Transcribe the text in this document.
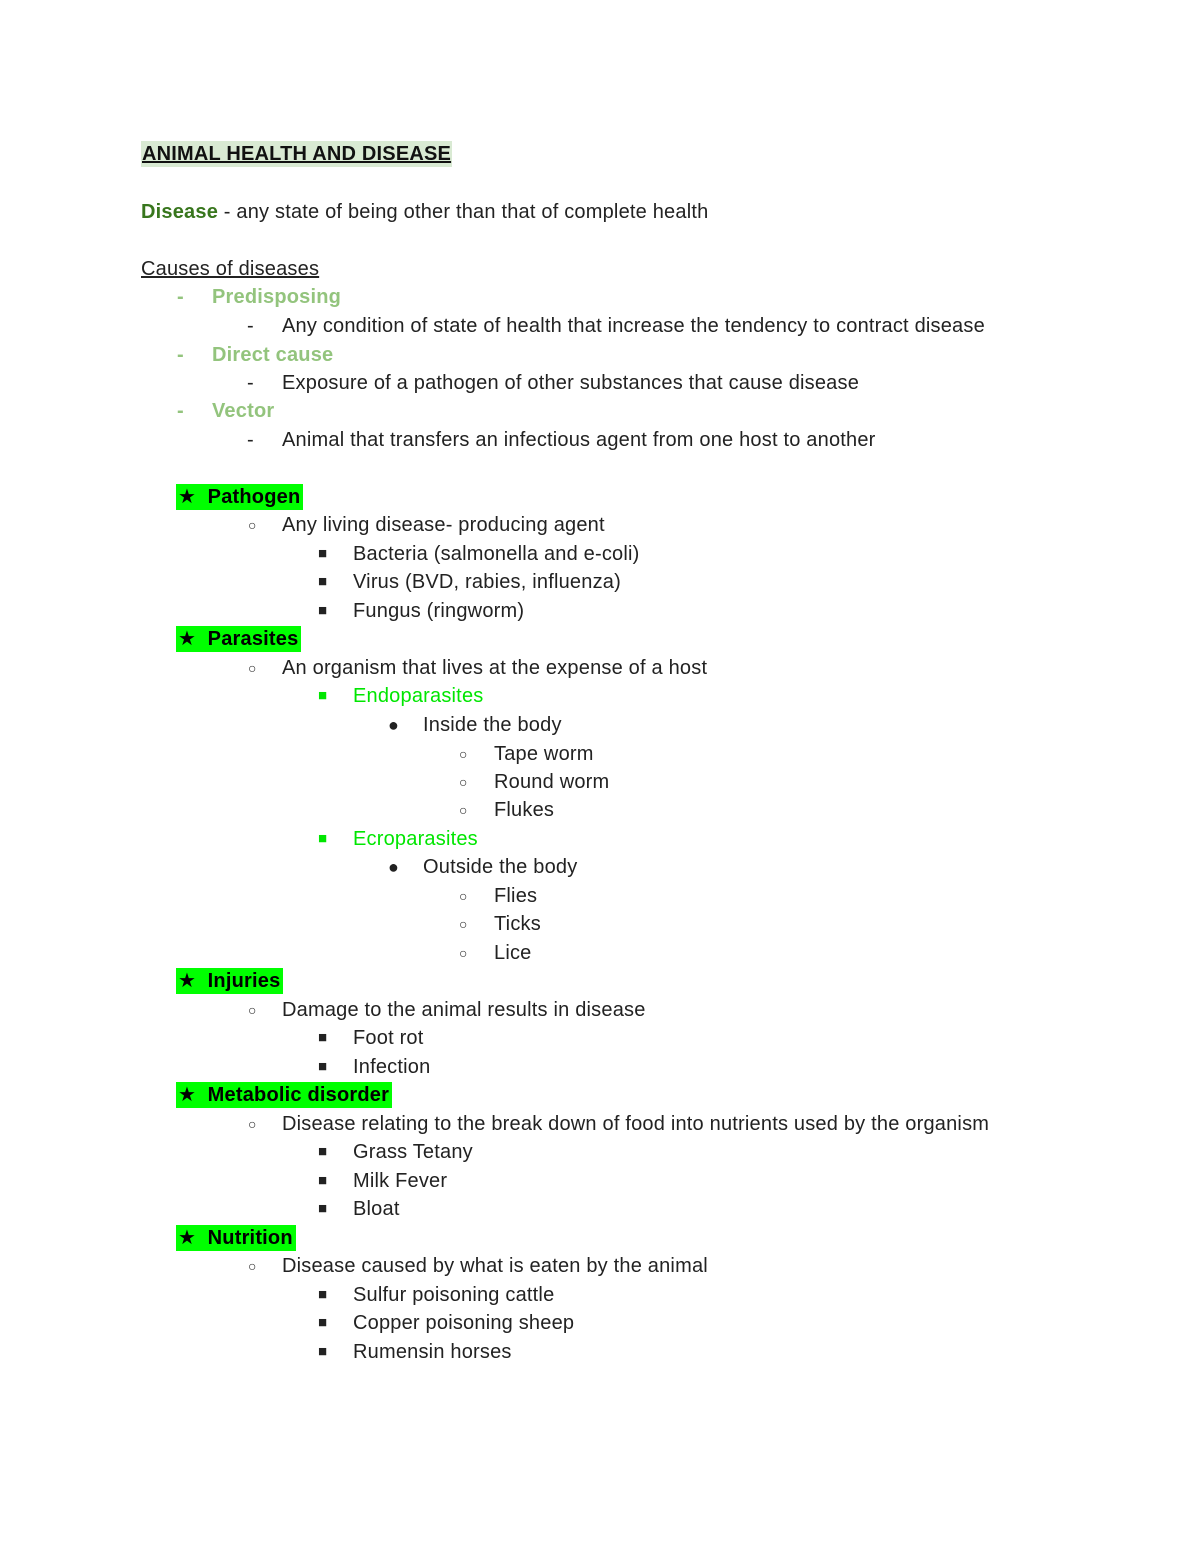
ANIMAL HEALTH AND DISEASE
Disease - any state of being other than that of complete health
Causes of diseases
- Predisposing
- Any condition of state of health that increase the tendency to contract disease
- Direct cause
- Exposure of a pathogen of other substances that cause disease
- Vector
- Animal that transfers an infectious agent from one host to another
★ Pathogen
○ Any living disease- producing agent
■ Bacteria (salmonella and e-coli)
■ Virus (BVD, rabies, influenza)
■ Fungus (ringworm)
★ Parasites
○ An organism that lives at the expense of a host
■ Endoparasites
● Inside the body
○ Tape worm
○ Round worm
○ Flukes
■ Ecroparasites
● Outside the body
○ Flies
○ Ticks
○ Lice
★ Injuries
○ Damage to the animal results in disease
■ Foot rot
■ Infection
★ Metabolic disorder
○ Disease relating to the break down of food into nutrients used by the organism
■ Grass Tetany
■ Milk Fever
■ Bloat
★ Nutrition
○ Disease caused by what is eaten by the animal
■ Sulfur poisoning cattle
■ Copper poisoning sheep
■ Rumensin horses
